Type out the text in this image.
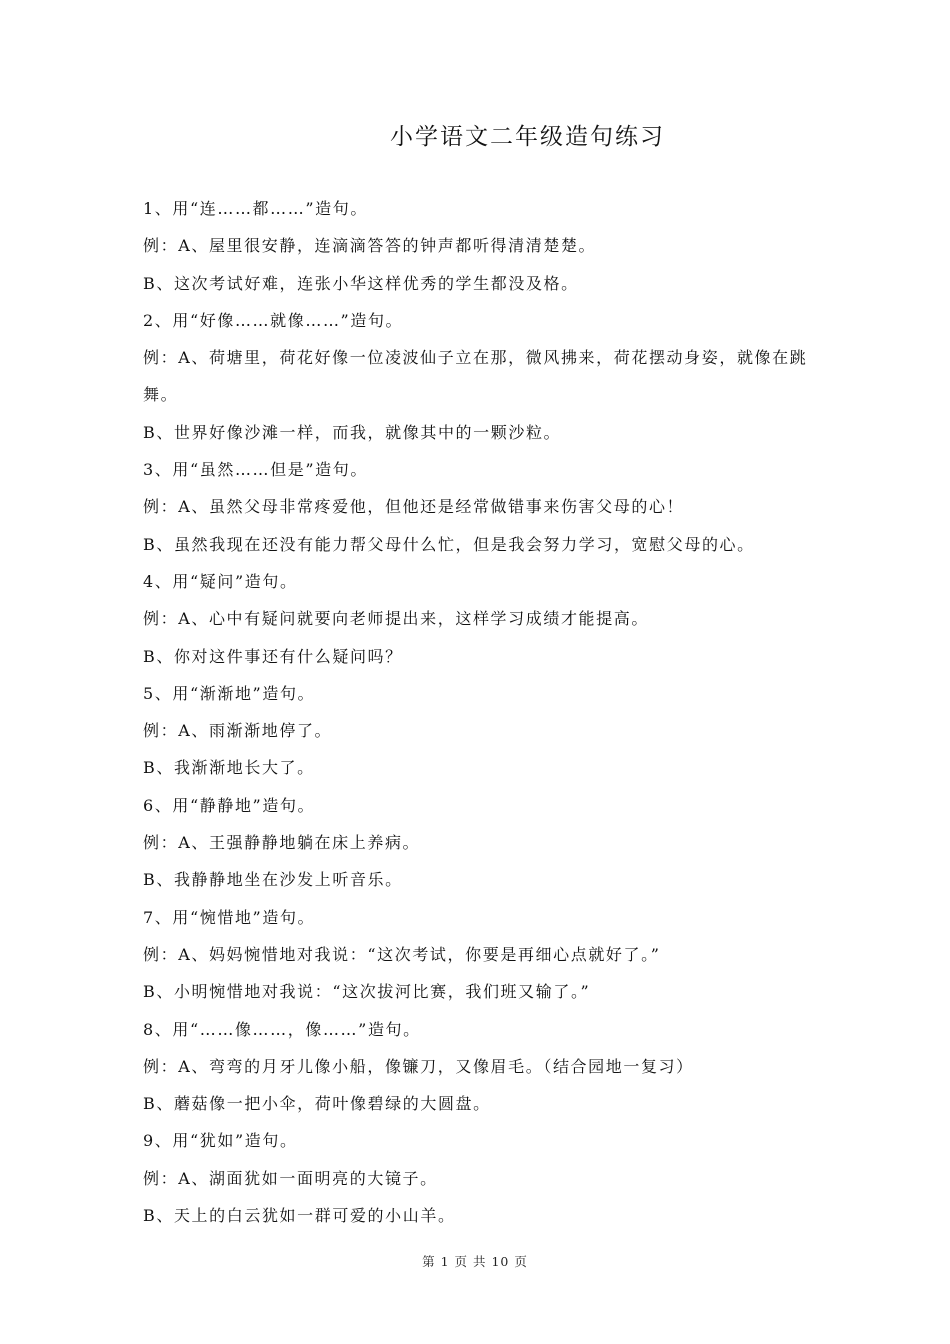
小学语文二年级造句练习

1、用“连……都……”造句。

例：A、屋里很安静，连滴滴答答的钟声都听得清清楚楚。

B、这次考试好难，连张小华这样优秀的学生都没及格。

2、用“好像……就像……”造句。

例：A、荷塘里，荷花好像一位凌波仙子立在那，微风拂来，荷花摆动身姿，就像在跳舞。

B、世界好像沙滩一样，而我，就像其中的一颗沙粒。

3、用“虽然……但是”造句。

例：A、虽然父母非常疼爱他，但他还是经常做错事来伤害父母的心！

B、虽然我现在还没有能力帮父母什么忙，但是我会努力学习，宽慰父母的心。

4、用“疑问”造句。

例：A、心中有疑问就要向老师提出来，这样学习成绩才能提高。

B、你对这件事还有什么疑问吗？

5、用“渐渐地”造句。

例：A、雨渐渐地停了。

B、我渐渐地长大了。

6、用“静静地”造句。

例：A、王强静静地躺在床上养病。

B、我静静地坐在沙发上听音乐。

7、用“惋惜地”造句。

例：A、妈妈惋惜地对我说：“这次考试，你要是再细心点就好了。”

B、小明惋惜地对我说：“这次拔河比赛，我们班又输了。”

8、用“……像……，像……”造句。

例：A、弯弯的月牙儿像小船，像镰刀，又像眉毛。（结合园地一复习）

B、蘑菇像一把小伞，荷叶像碧绿的大圆盘。

9、用“犹如”造句。

例：A、湖面犹如一面明亮的大镜子。

B、天上的白云犹如一群可爱的小山羊。

第 1 页 共 10 页
